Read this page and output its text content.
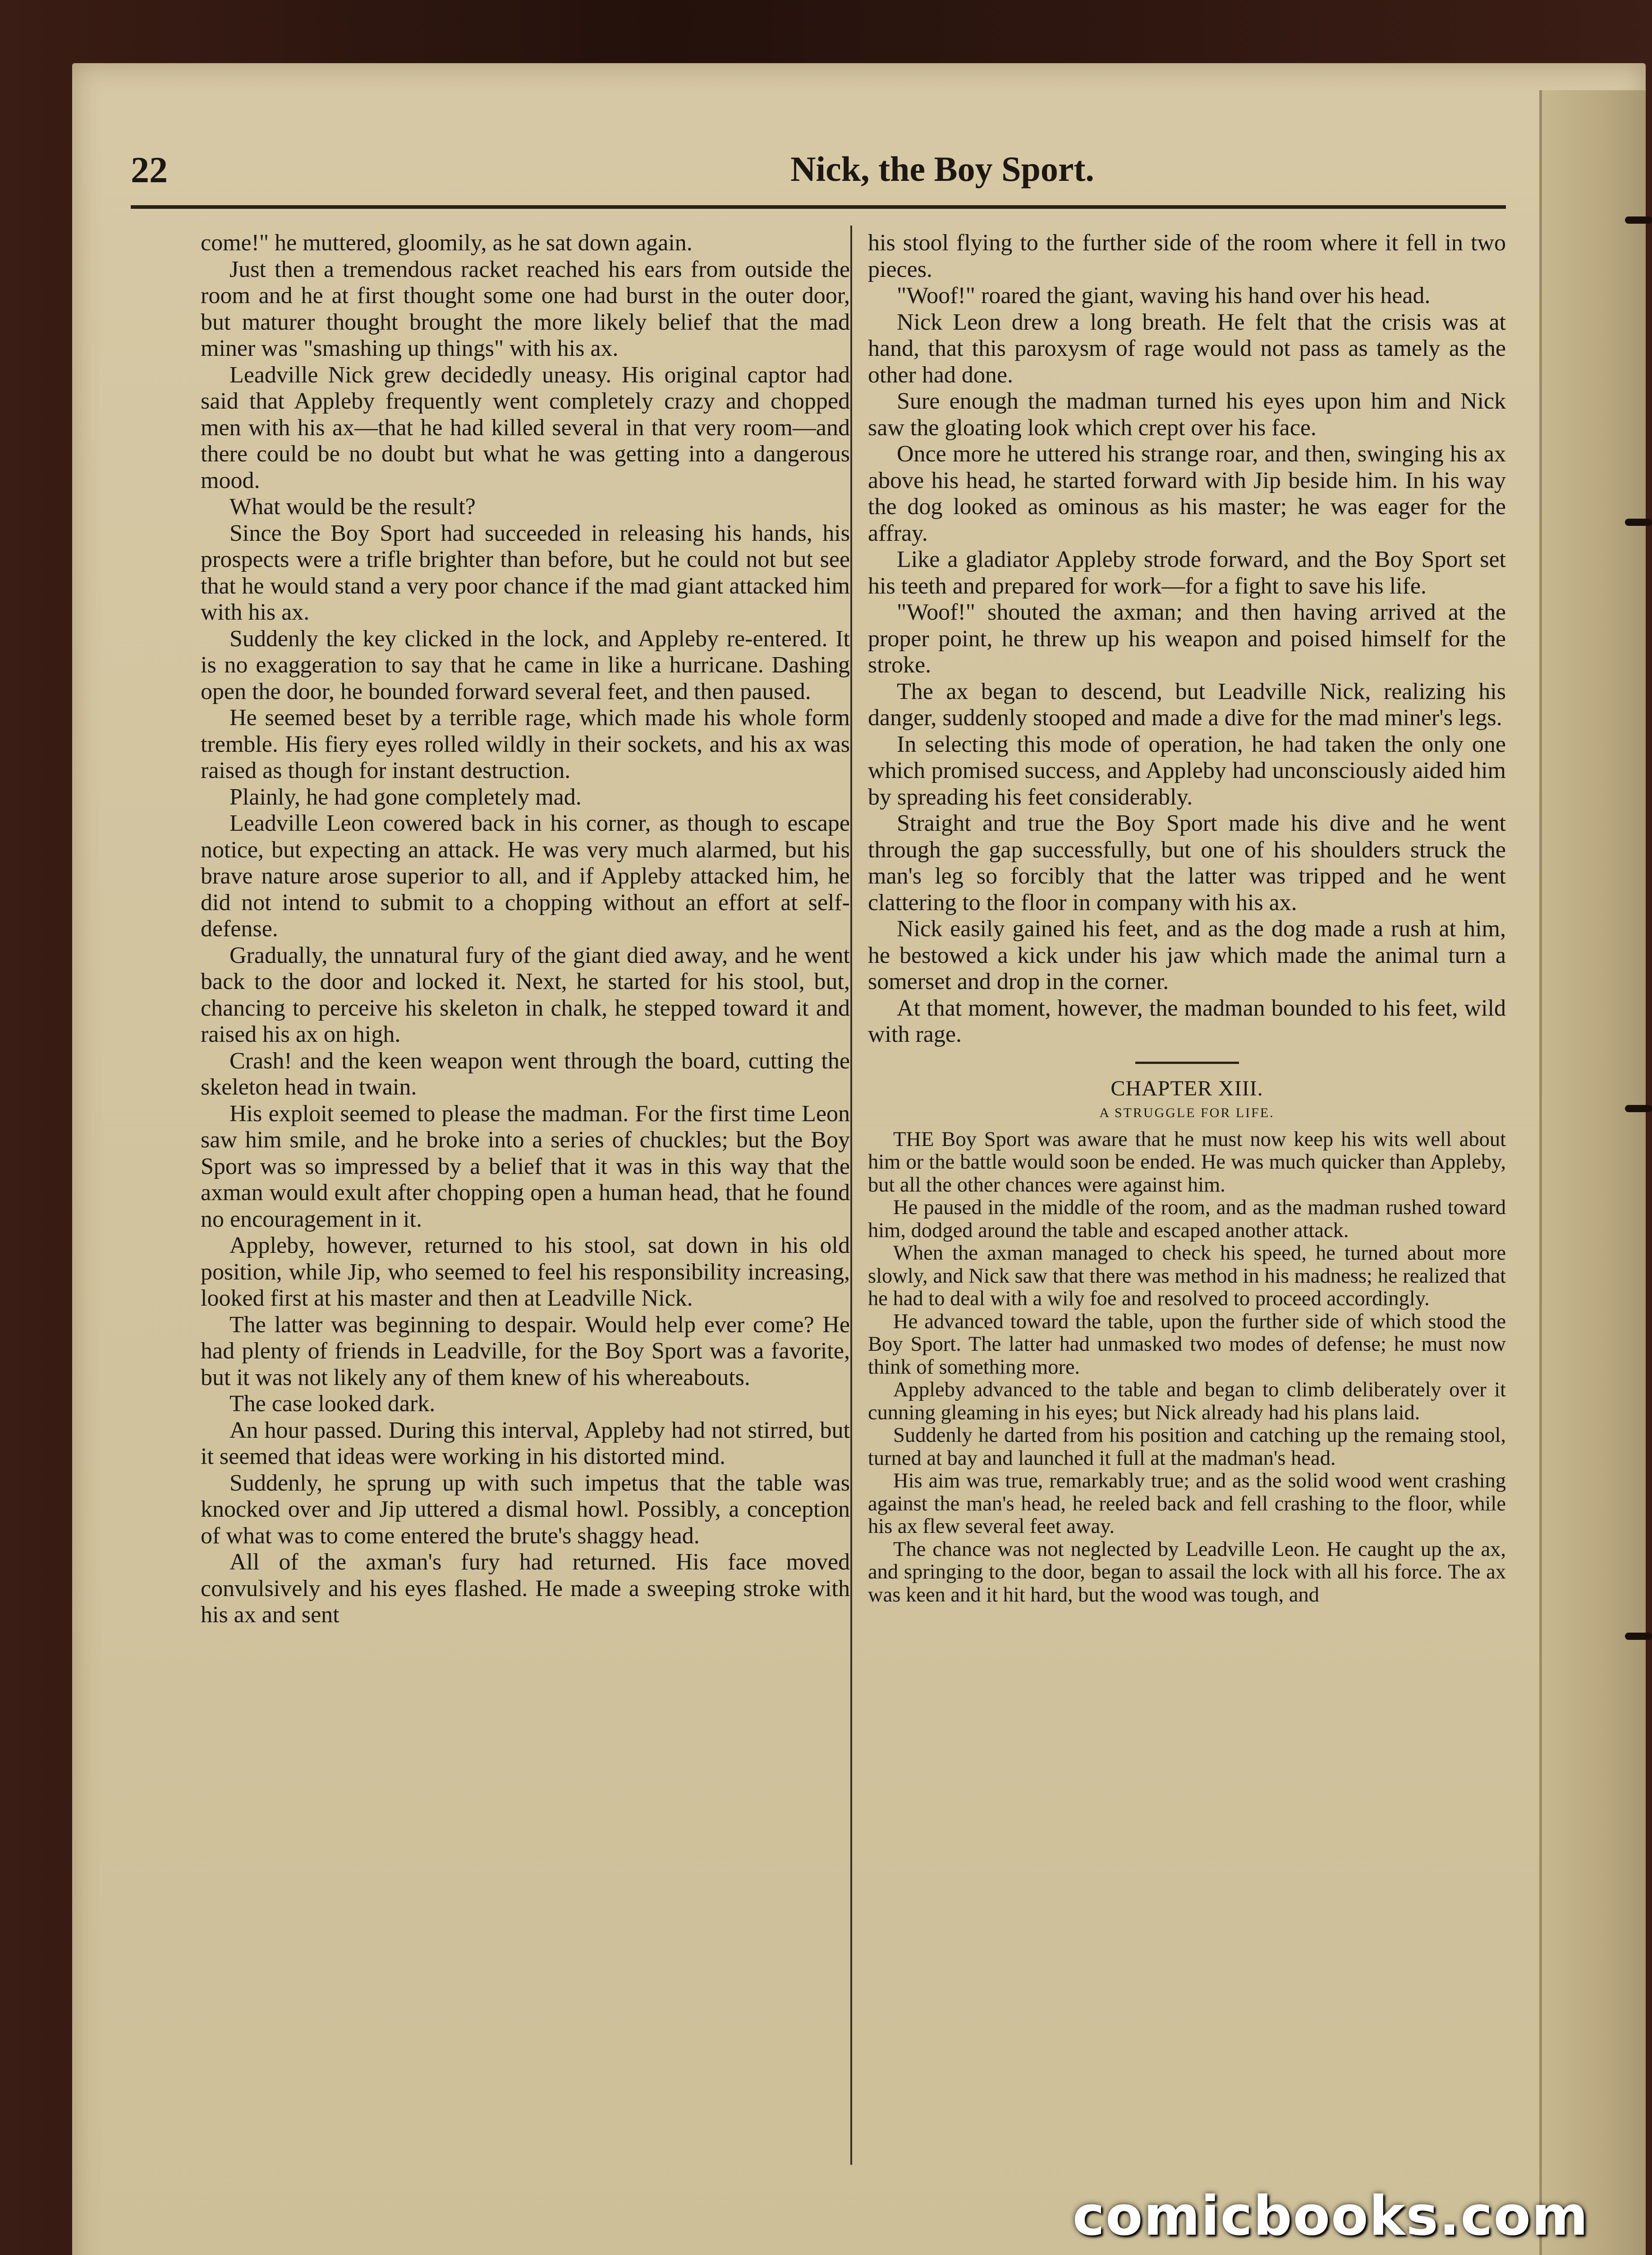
22	Nick, the Boy Sport.

come!" he muttered, gloomily, as he sat down again.

Just then a tremendous racket reached his ears from outside the room and he at first thought some one had burst in the outer door, but maturer thought brought the more likely belief that the mad miner was "smashing up things" with his ax.

Leadville Nick grew decidedly uneasy. His original captor had said that Appleby frequently went completely crazy and chopped men with his ax—that he had killed several in that very room—and there could be no doubt but what he was getting into a dangerous mood.

What would be the result?

Since the Boy Sport had succeeded in releasing his hands, his prospects were a trifle brighter than before, but he could not but see that he would stand a very poor chance if the mad giant attacked him with his ax.

Suddenly the key clicked in the lock, and Appleby re-entered. It is no exaggeration to say that he came in like a hurricane. Dashing open the door, he bounded forward several feet, and then paused.

He seemed beset by a terrible rage, which made his whole form tremble. His fiery eyes rolled wildly in their sockets, and his ax was raised as though for instant destruction.

Plainly, he had gone completely mad.

Leadville Leon cowered back in his corner, as though to escape notice, but expecting an attack. He was very much alarmed, but his brave nature arose superior to all, and if Appleby attacked him, he did not intend to submit to a chopping without an effort at self-defense.

Gradually, the unnatural fury of the giant died away, and he went back to the door and locked it. Next, he started for his stool, but, chancing to perceive his skeleton in chalk, he stepped toward it and raised his ax on high.

Crash! and the keen weapon went through the board, cutting the skeleton head in twain.

His exploit seemed to please the madman. For the first time Leon saw him smile, and he broke into a series of chuckles; but the Boy Sport was so impressed by a belief that it was in this way that the axman would exult after chopping open a human head, that he found no encouragement in it.

Appleby, however, returned to his stool, sat down in his old position, while Jip, who seemed to feel his responsibility increasing, looked first at his master and then at Leadville Nick.

The latter was beginning to despair. Would help ever come? He had plenty of friends in Leadville, for the Boy Sport was a favorite, but it was not likely any of them knew of his whereabouts.

The case looked dark.

An hour passed. During this interval, Appleby had not stirred, but it seemed that ideas were working in his distorted mind.

Suddenly, he sprung up with such impetus that the table was knocked over and Jip uttered a dismal howl. Possibly, a conception of what was to come entered the brute's shaggy head.

All of the axman's fury had returned. His face moved convulsively and his eyes flashed. He made a sweeping stroke with his ax and sent

his stool flying to the further side of the room where it fell in two pieces.

"Woof!" roared the giant, waving his hand over his head.

Nick Leon drew a long breath. He felt that the crisis was at hand, that this paroxysm of rage would not pass as tamely as the other had done.

Sure enough the madman turned his eyes upon him and Nick saw the gloating look which crept over his face.

Once more he uttered his strange roar, and then, swinging his ax above his head, he started forward with Jip beside him. In his way the dog looked as ominous as his master; he was eager for the affray.

Like a gladiator Appleby strode forward, and the Boy Sport set his teeth and prepared for work—for a fight to save his life.

"Woof!" shouted the axman; and then having arrived at the proper point, he threw up his weapon and poised himself for the stroke.

The ax began to descend, but Leadville Nick, realizing his danger, suddenly stooped and made a dive for the mad miner's legs.

In selecting this mode of operation, he had taken the only one which promised success, and Appleby had unconsciously aided him by spreading his feet considerably.

Straight and true the Boy Sport made his dive and he went through the gap successfully, but one of his shoulders struck the man's leg so forcibly that the latter was tripped and he went clattering to the floor in company with his ax.

Nick easily gained his feet, and as the dog made a rush at him, he bestowed a kick under his jaw which made the animal turn a somerset and drop in the corner.

At that moment, however, the madman bounded to his feet, wild with rage.

CHAPTER XIII.

A STRUGGLE FOR LIFE.

THE Boy Sport was aware that he must now keep his wits well about him or the battle would soon be ended. He was much quicker than Appleby, but all the other chances were against him.

He paused in the middle of the room, and as the madman rushed toward him, dodged around the table and escaped another attack.

When the axman managed to check his speed, he turned about more slowly, and Nick saw that there was method in his madness; he realized that he had to deal with a wily foe and resolved to proceed accordingly.

He advanced toward the table, upon the further side of which stood the Boy Sport. The latter had unmasked two modes of defense; he must now think of something more.

Appleby advanced to the table and began to climb deliberately over it cunning gleaming in his eyes; but Nick already had his plans laid.

Suddenly he darted from his position and catching up the remaing stool, turned at bay and launched it full at the madman's head.

His aim was true, remarkably true; and as the solid wood went crashing against the man's head, he reeled back and fell crashing to the floor, while his ax flew several feet away.

The chance was not neglected by Leadville Leon. He caught up the ax, and springing to the door, began to assail the lock with all his force. The ax was keen and it hit hard, but the wood was tough, and

comicbooks.com
